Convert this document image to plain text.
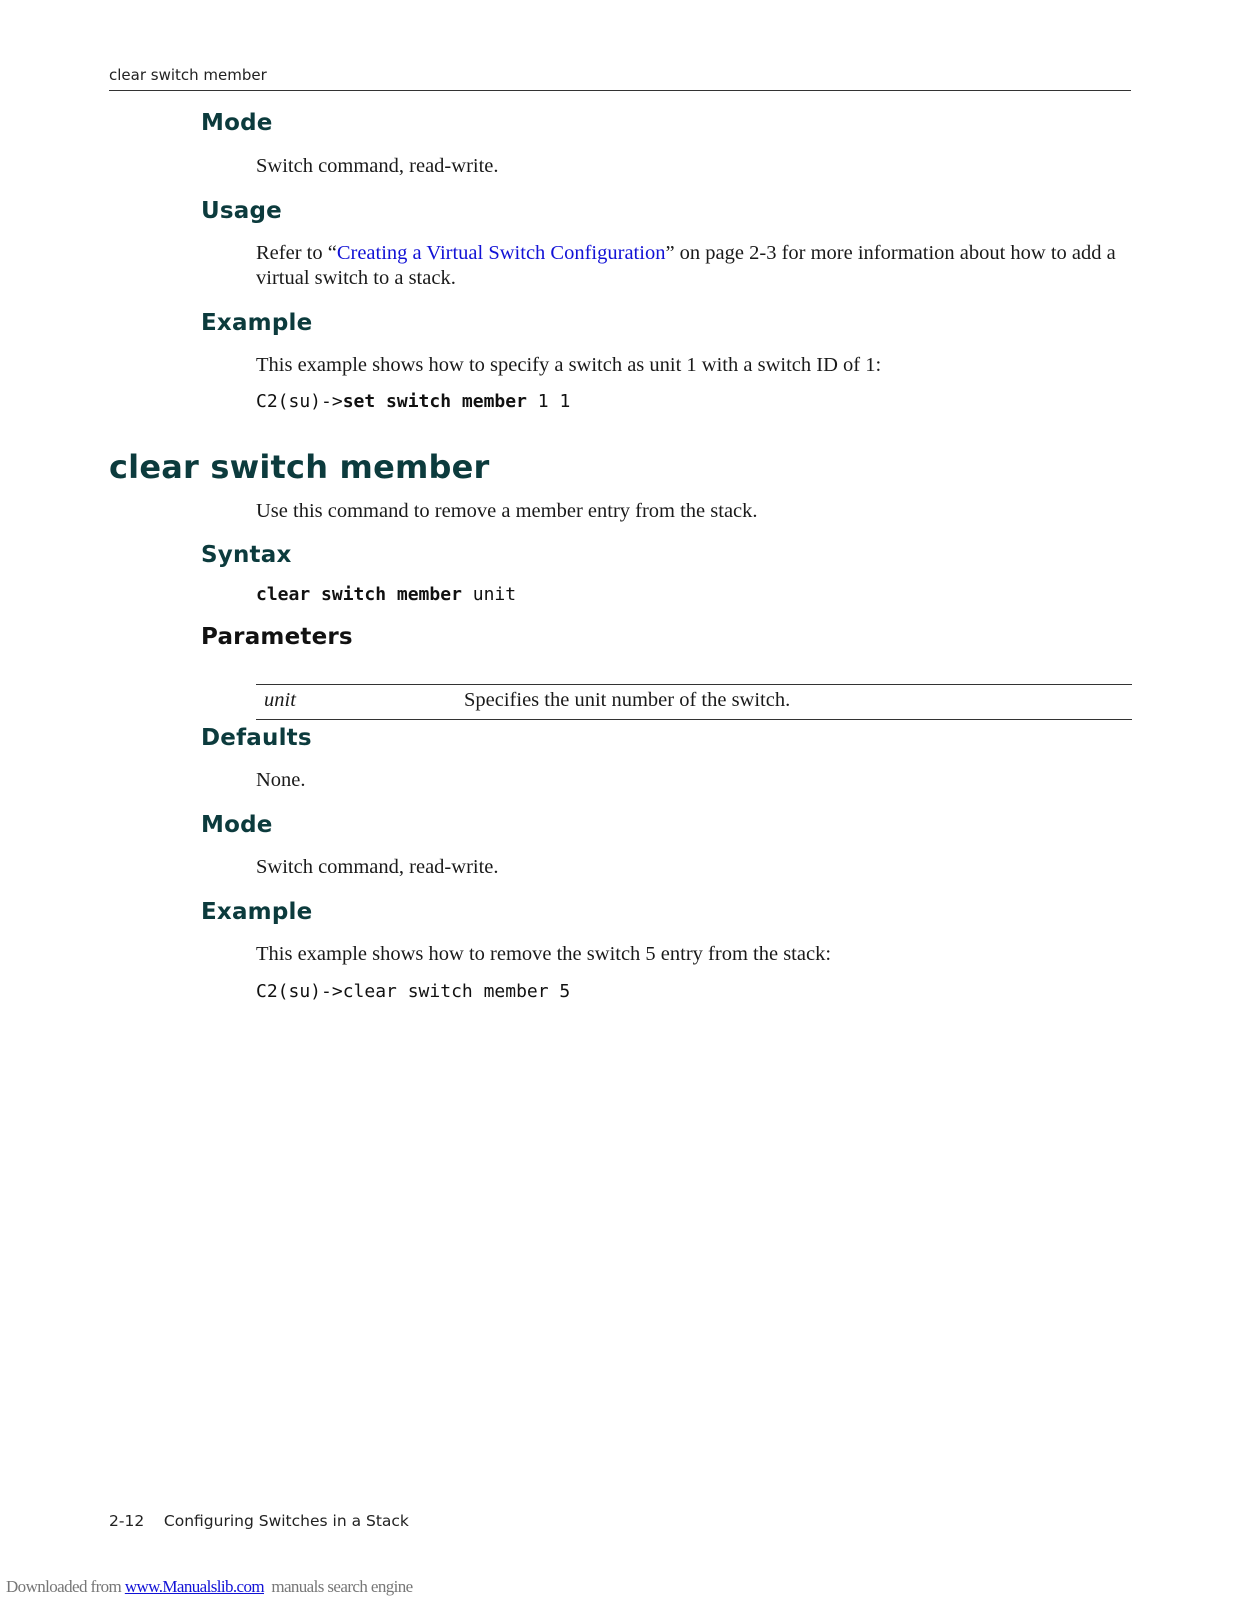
clear switch member
Mode
Switch command, read-write.
Usage
Refer to “Creating a Virtual Switch Configuration” on page 2-3 for more information about how to add a virtual switch to a stack.
Example
This example shows how to specify a switch as unit 1 with a switch ID of 1:
C2(su)->set switch member 1 1
clear switch member
Use this command to remove a member entry from the stack.
Syntax
clear switch member unit
Parameters
unit	Specifies the unit number of the switch.
Defaults
None.
Mode
Switch command, read-write.
Example
This example shows how to remove the switch 5 entry from the stack:
C2(su)->clear switch member 5
2-12 Configuring Switches in a Stack
Downloaded from www.Manualslib.com  manuals search engine
